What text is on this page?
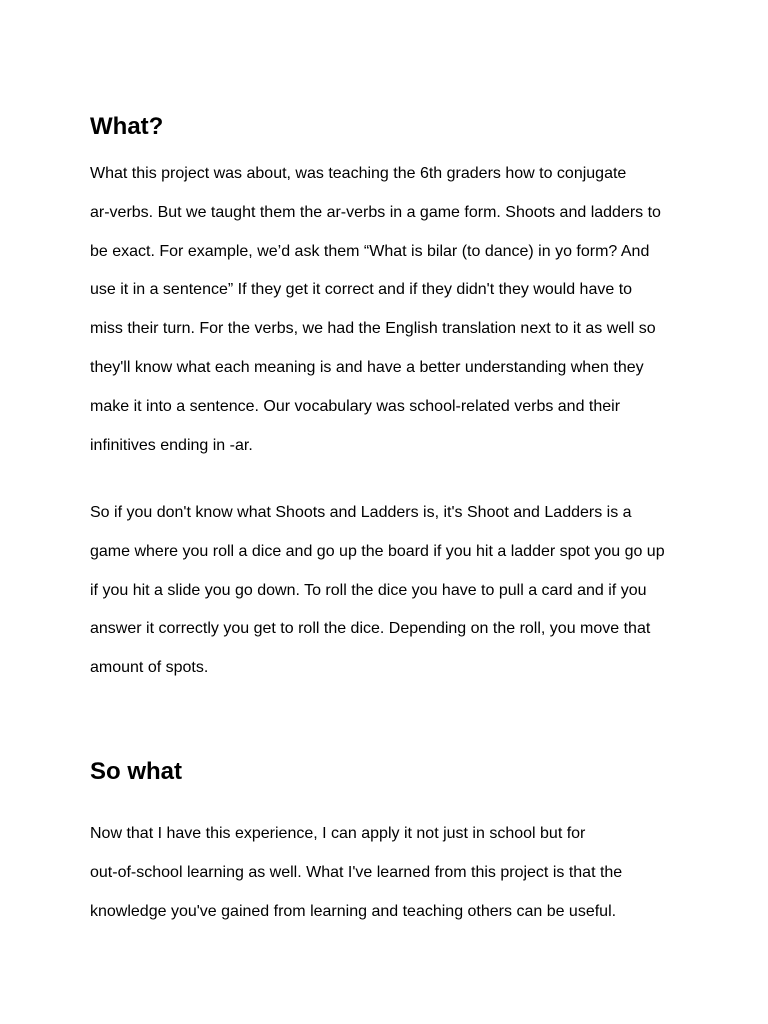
What?
What this project was about, was teaching the 6th graders how to conjugate
ar-verbs. But we taught them the ar-verbs in a game form. Shoots and ladders to
be exact. For example, we’d ask them “What is bilar (to dance) in yo form? And
use it in a sentence” If they get it correct and if they didn't they would have to
miss their turn. For the verbs, we had the English translation next to it as well so
they'll know what each meaning is and have a better understanding when they
make it into a sentence. Our vocabulary was school-related verbs and their
infinitives ending in -ar.
So if you don't know what Shoots and Ladders is, it's Shoot and Ladders is a
game where you roll a dice and go up the board if you hit a ladder spot you go up
if you hit a slide you go down. To roll the dice you have to pull a card and if you
answer it correctly you get to roll the dice. Depending on the roll, you move that
amount of spots.
So what
Now that I have this experience, I can apply it not just in school but for
out-of-school learning as well. What I've learned from this project is that the
knowledge you've gained from learning and teaching others can be useful.
